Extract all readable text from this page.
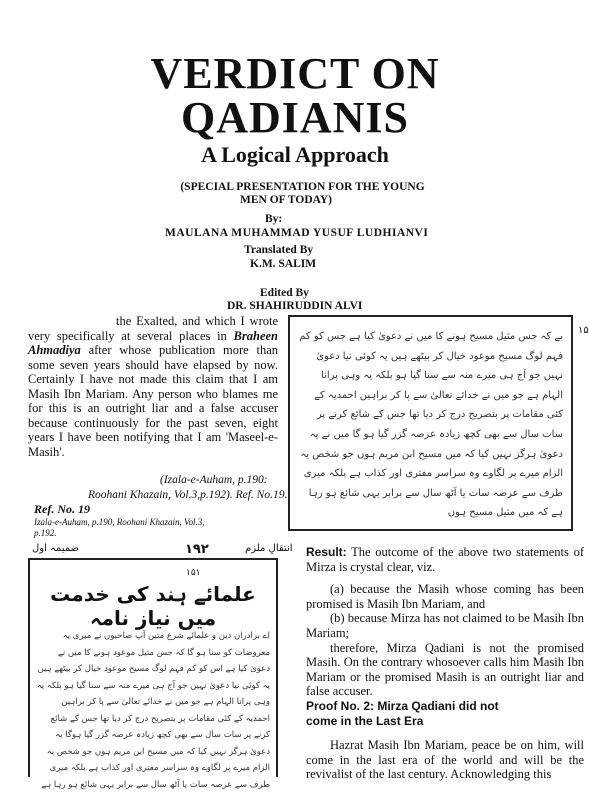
VERDICT ON
QADIANIS
A Logical Approach
(SPECIAL PRESENTATION FOR THE YOUNG
MEN OF TODAY)
By:
MAULANA MUHAMMAD YUSUF LUDHIANVI
Translated By
K.M. SALIM
Edited By
DR. SHAHIRUDDIN ALVI

the Exalted, and which I wrote very specifically at several places in Braheen Ahmadiya after whose publication more than some seven years should have elapsed by now. Certainly I have not made this claim that I am Masih Ibn Mariam. Any person who blames me for this is an outright liar and a false accuser because continuously for the past seven, eight years I have been notifying that I am 'Maseel-e-Masih'.

(Izala-e-Auham, p.190:
Roohani Khazain, Vol.3,p.192). Ref. No.19.
Ref. No. 19
Izala-e-Auham, p.190, Roohani Khazain, Vol.3,
p.192.
بے کہ جس مثیل مسیح ہونے کا میں نے دعویٰ کیا ہے جس کو کم فہم لوگ مسیح موعود خیال کر بیٹھے ہیں یہ کوئی نیا دعویٰ نہیں جو آج ہی میرے منہ سے سنا گیا ہو بلکہ یہ وہی پرانا الہام ہے جو میں نے خدائے تعالیٰ سے پا کر براہین احمدیہ کے کئی مقامات پر بتصریح درج کر دیا تھا جس کے شائع کرنے پر سات سال سے بھی کچھ زیادہ عرصہ گزر گیا ہو گا میں نے یہ دعویٰ ہرگز نہیں کیا کہ میں مسیح ابن مریم ہوں جو شخص یہ الزام میرے پر لگاوے وہ سراسر مفتری اور کذاب ہے بلکہ میری طرف سے عرصہ سات یا آٹھ سال سے برابر یہی شائع ہو رہا ہے کہ میں مثیل مسیح ہوں
۱۵
ضمیمہ اول	۱۹۲	انتقالِ ملزم
۱۵۱
علمائے ہند کی خدمت میں نیاز نامہ
اے برادران دین و علمائے شرع متین آپ صاحبوں نے میری یہ معروضات کو سنا ہو گا کہ جس مثیل موعود ہونے کا میں نے دعویٰ کیا ہے اس کو کم فہم لوگ مسیح موعود خیال کر بیٹھے ہیں یہ کوئی نیا دعویٰ نہیں جو آج ہی میرے منہ سے سنا گیا ہو بلکہ یہ وہی پرانا الہام ہے جو میں نے خدائے تعالیٰ سے پا کر براہین احمدیہ کے کئی مقامات پر بتصریح درج کر دیا تھا جس کے شائع کرنے پر سات سال سے بھی کچھ زیادہ عرصہ گزر گیا ہوگا یہ دعویٰ ہرگز نہیں کیا کہ میں مسیح ابن مریم ہوں جو شخص یہ الزام میرے پر لگاوے وہ سراسر مفتری اور کذاب ہے بلکہ میری طرف سے عرصہ سات یا آٹھ سال سے برابر یہی شائع ہو رہا ہے

Result: The outcome of the above two statements of Mirza is crystal clear, viz.

(a) because the Masih whose coming has been promised is Masih Ibn Mariam, and

(b) because Mirza has not claimed to be Masih Ibn Mariam;

therefore, Mirza Qadiani is not the promised Masih. On the contrary whosoever calls him Masih Ibn Mariam or the promised Masih is an outright liar and false accuser.

Proof No. 2: Mirza Qadiani did not

come in the Last Era

Hazrat Masih Ibn Mariam, peace be on him, will come in the last era of the world and will be the revivalist of the last century. Acknowledging this
